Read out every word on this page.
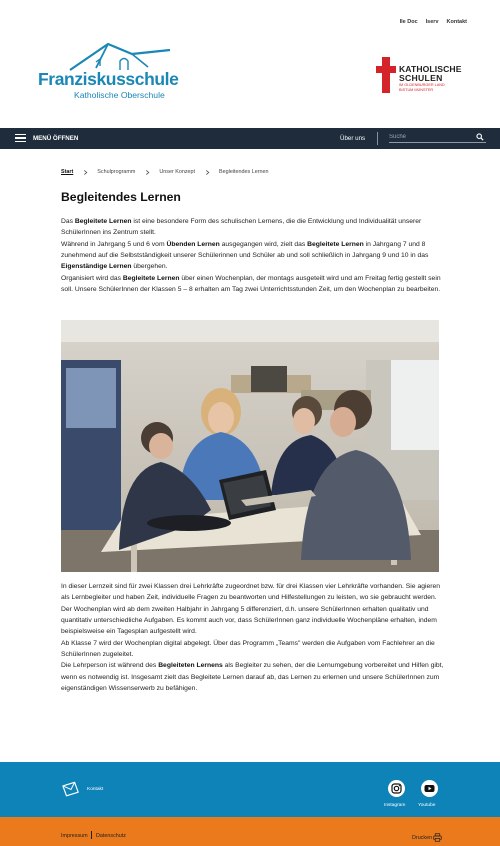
Ile Doc Iserv Kontakt
Franziskusschule
Katholische Oberschule
KATHOLISCHE
SCHULEN
IM OLDENBURGER LAND
BISTUM MÜNSTER
MENÜ ÖFFNEN	Über uns
Suche
Start	Schulprogramm	Unser Konzept	Begleitendes Lernen
Begleitendes Lernen

Das Begleitete Lernen ist eine besondere Form des schulischen Lernens, die die Entwicklung und Individualität unserer SchülerInnen ins Zentrum stellt.

Während in Jahrgang 5 und 6 vom Übenden Lernen ausgegangen wird, zielt das Begleitete Lernen in Jahrgang 7 und 8 zunehmend auf die Selbstständigkeit unserer Schülerinnen und Schüler ab und soll schließlich in Jahrgang 9 und 10 in das Eigenständige Lernen übergehen.

Organisiert wird das Begleitete Lernen über einen Wochenplan, der montags ausgeteilt wird und am Freitag fertig gestellt sein soll. Unsere SchülerInnen der Klassen 5 – 8 erhalten am Tag zwei Unterrichtsstunden Zeit, um den Wochenplan zu bearbeiten.

In dieser Lernzeit sind für zwei Klassen drei Lehrkräfte zugeordnet bzw. für drei Klassen vier Lehrkräfte vorhanden. Sie agieren als Lernbegleiter und haben Zeit, individuelle Fragen zu beantworten und Hilfestellungen zu leisten, wo sie gebraucht werden.

Der Wochenplan wird ab dem zweiten Halbjahr in Jahrgang 5 differenziert, d.h. unsere SchülerInnen erhalten qualitativ und quantitativ unterschiedliche Aufgaben. Es kommt auch vor, dass SchülerInnen ganz individuelle Wochenpläne erhalten, indem beispielsweise ein Tagesplan aufgestellt wird.

Ab Klasse 7 wird der Wochenplan digital abgelegt. Über das Programm „Teams" werden die Aufgaben vom Fachlehrer an die SchülerInnen zugeleitet.

Die Lehrperson ist während des Begleiteten Lernens als Begleiter zu sehen, der die Lernumgebung vorbereitet und Hilfen gibt, wenn es notwendig ist. Insgesamt zielt das Begleitete Lernen darauf ab, das Lernen zu erlernen und unsere SchülerInnen zum eigenständigen Wissenserwerb zu befähigen.

Kontakt
Instagram	Youtube
Impressum Datenschutz	Drucken
